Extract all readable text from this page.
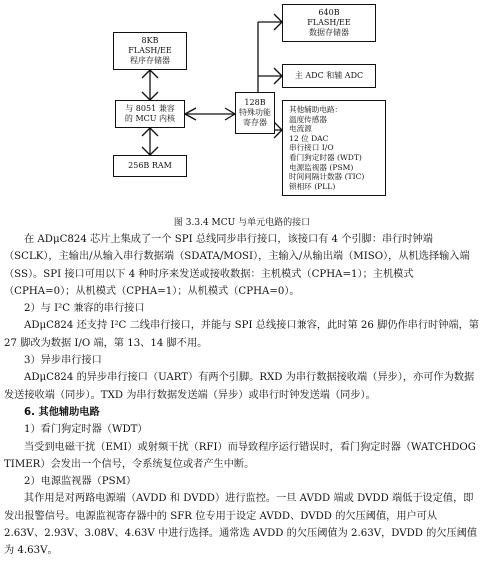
8KB
FLASH/EE
程序存储器
与 8051 兼容
的 MCU 内核
256B RAM
128B
特殊功能
寄存器
640B
FLASH/EE
数据存储器
主 ADC 和辅 ADC
其他辅助电路：
温度传感器
电流源
12 位 DAC
串行接口 I/O
看门狗定时器 (WDT)
电源监视器 (PSM)
时间间隔计数器 (TIC)
锁相环 (PLL)
图 3.3.4 MCU 与单元电路的接口

在 ADμC824 芯片上集成了一个 SPI 总线同步串行接口，该接口有 4 个引脚：串行时钟端（SCLK），主输出/从输入串行数据端（SDATA/MOSI），主输入/从输出端（MISO），从机选择输入端（SS）。SPI 接口可用以下 4 种时序来发送或接收数据：主机模式（CPHA=1）；主机模式（CPHA=0）；从机模式（CPHA=1）；从机模式（CPHA=0）。

2）与 I²C 兼容的串行接口

ADμC824 还支持 I²C 二线串行接口，并能与 SPI 总线接口兼容，此时第 26 脚仍作串行时钟端，第 27 脚改为数据 I/O 端，第 13、14 脚不用。

3）异步串行接口

ADμC824 的异步串行接口（UART）有两个引脚。RXD 为串行数据接收端（异步），亦可作为数据发送接收端（同步）。TXD 为串行数据发送端（异步）或串行时钟发送端（同步）。

6. 其他辅助电路

1）看门狗定时器（WDT）

当受到电磁干扰（EMI）或射频干扰（RFI）而导致程序运行错误时，看门狗定时器（WATCHDOG TIMER）会发出一个信号，令系统复位或者产生中断。

2）电源监视器（PSM）

其作用是对两路电源端（AVDD 和 DVDD）进行监控。一旦 AVDD 端或 DVDD 端低于设定值，即发出报警信号。电源监视寄存器中的 SFR 位专用于设定 AVDD、DVDD 的欠压阈值，用户可从 2.63V、2.93V、3.08V、4.63V 中进行选择。通常选 AVDD 的欠压阈值为 2.63V，DVDD 的欠压阈值为 4.63V。
